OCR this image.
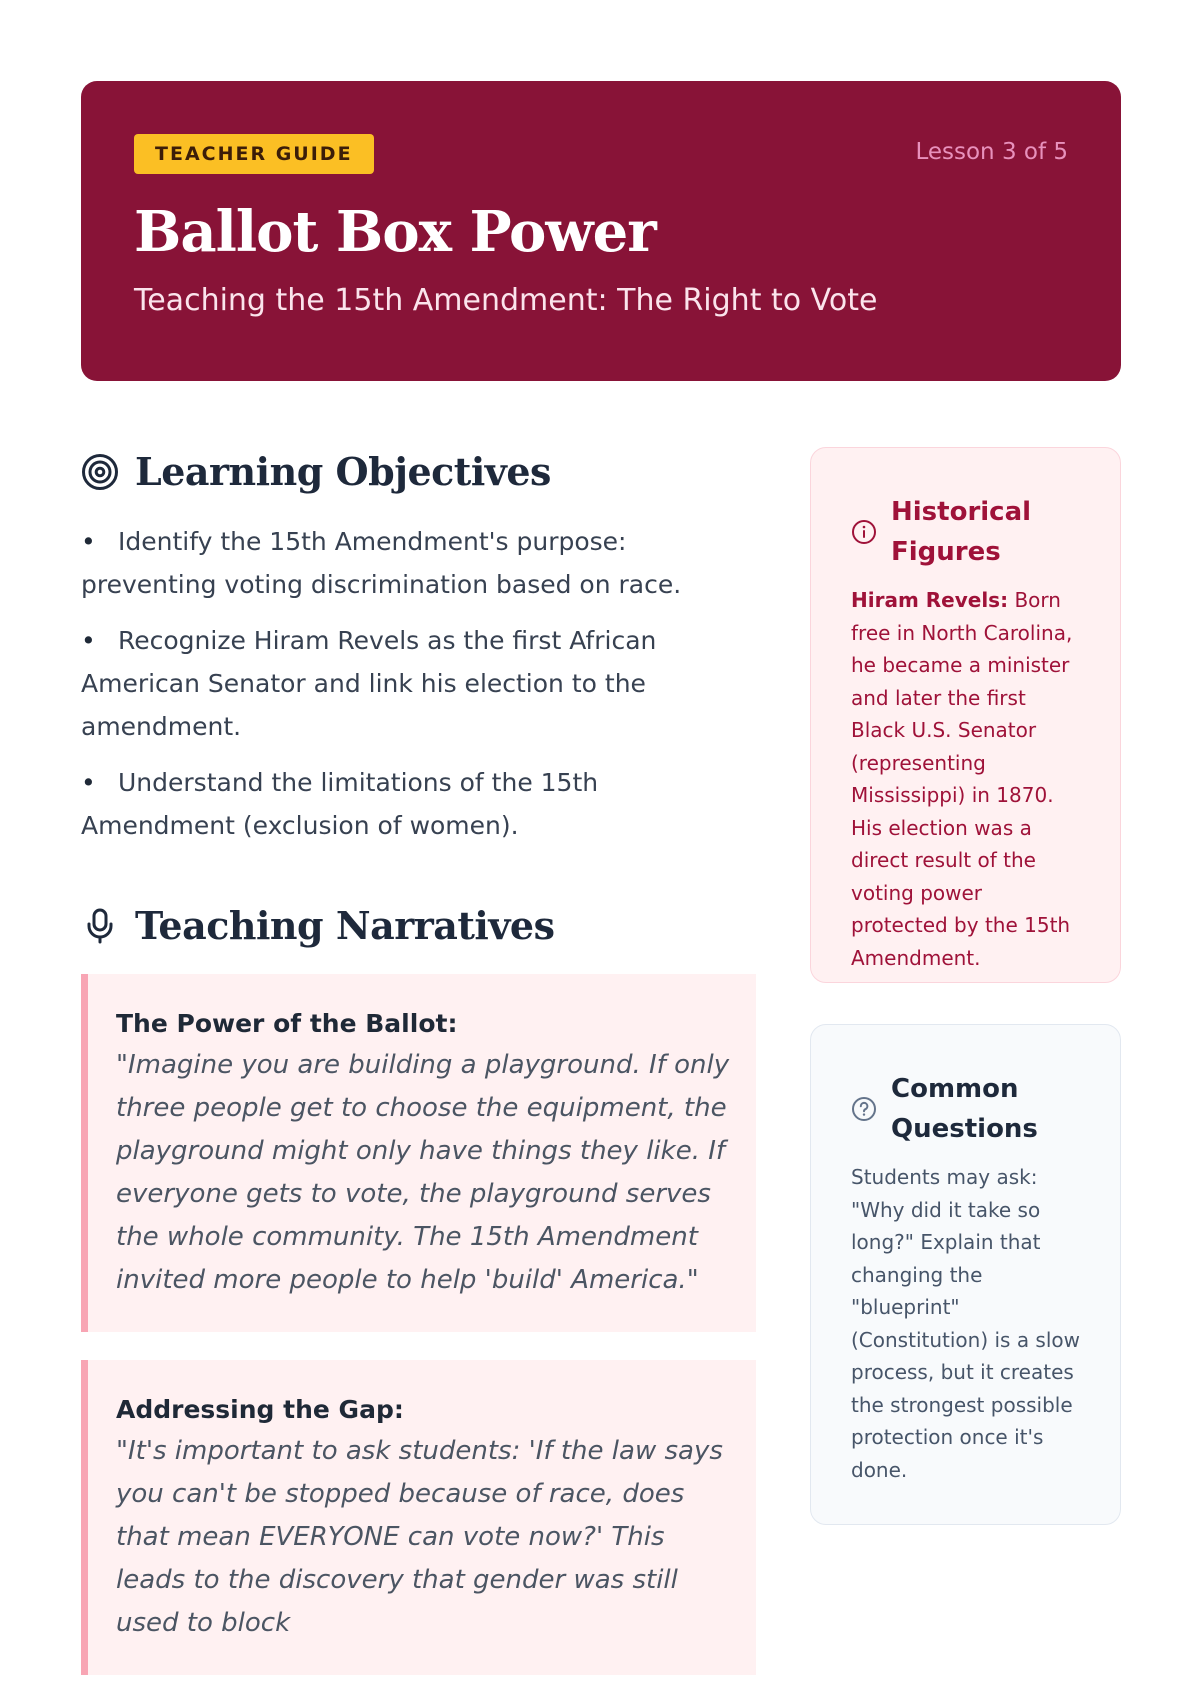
TEACHER GUIDE	Lesson 3 of 5
Ballot Box Power
Teaching the 15th Amendment: The Right to Vote
Learning Objectives
• Identify the 15th Amendment's purpose: preventing voting discrimination based on race.
• Recognize Hiram Revels as the first African American Senator and link his election to the amendment.
• Understand the limitations of the 15th Amendment (exclusion of women).
Teaching Narratives
The Power of the Ballot:
"Imagine you are building a playground. If only three people get to choose the equipment, the playground might only have things they like. If everyone gets to vote, the playground serves the whole community. The 15th Amendment invited more people to help 'build' America."
Addressing the Gap:
"It's important to ask students: 'If the law says you can't be stopped because of race, does that mean EVERYONE can vote now?' This leads to the discovery that gender was still used to block
Historical Figures
Hiram Revels: Born free in North Carolina, he became a minister and later the first Black U.S. Senator (representing Mississippi) in 1870. His election was a direct result of the voting power protected by the 15th Amendment.
Common Questions
Students may ask: "Why did it take so long?" Explain that changing the "blueprint" (Constitution) is a slow process, but it creates the strongest possible protection once it's done.
